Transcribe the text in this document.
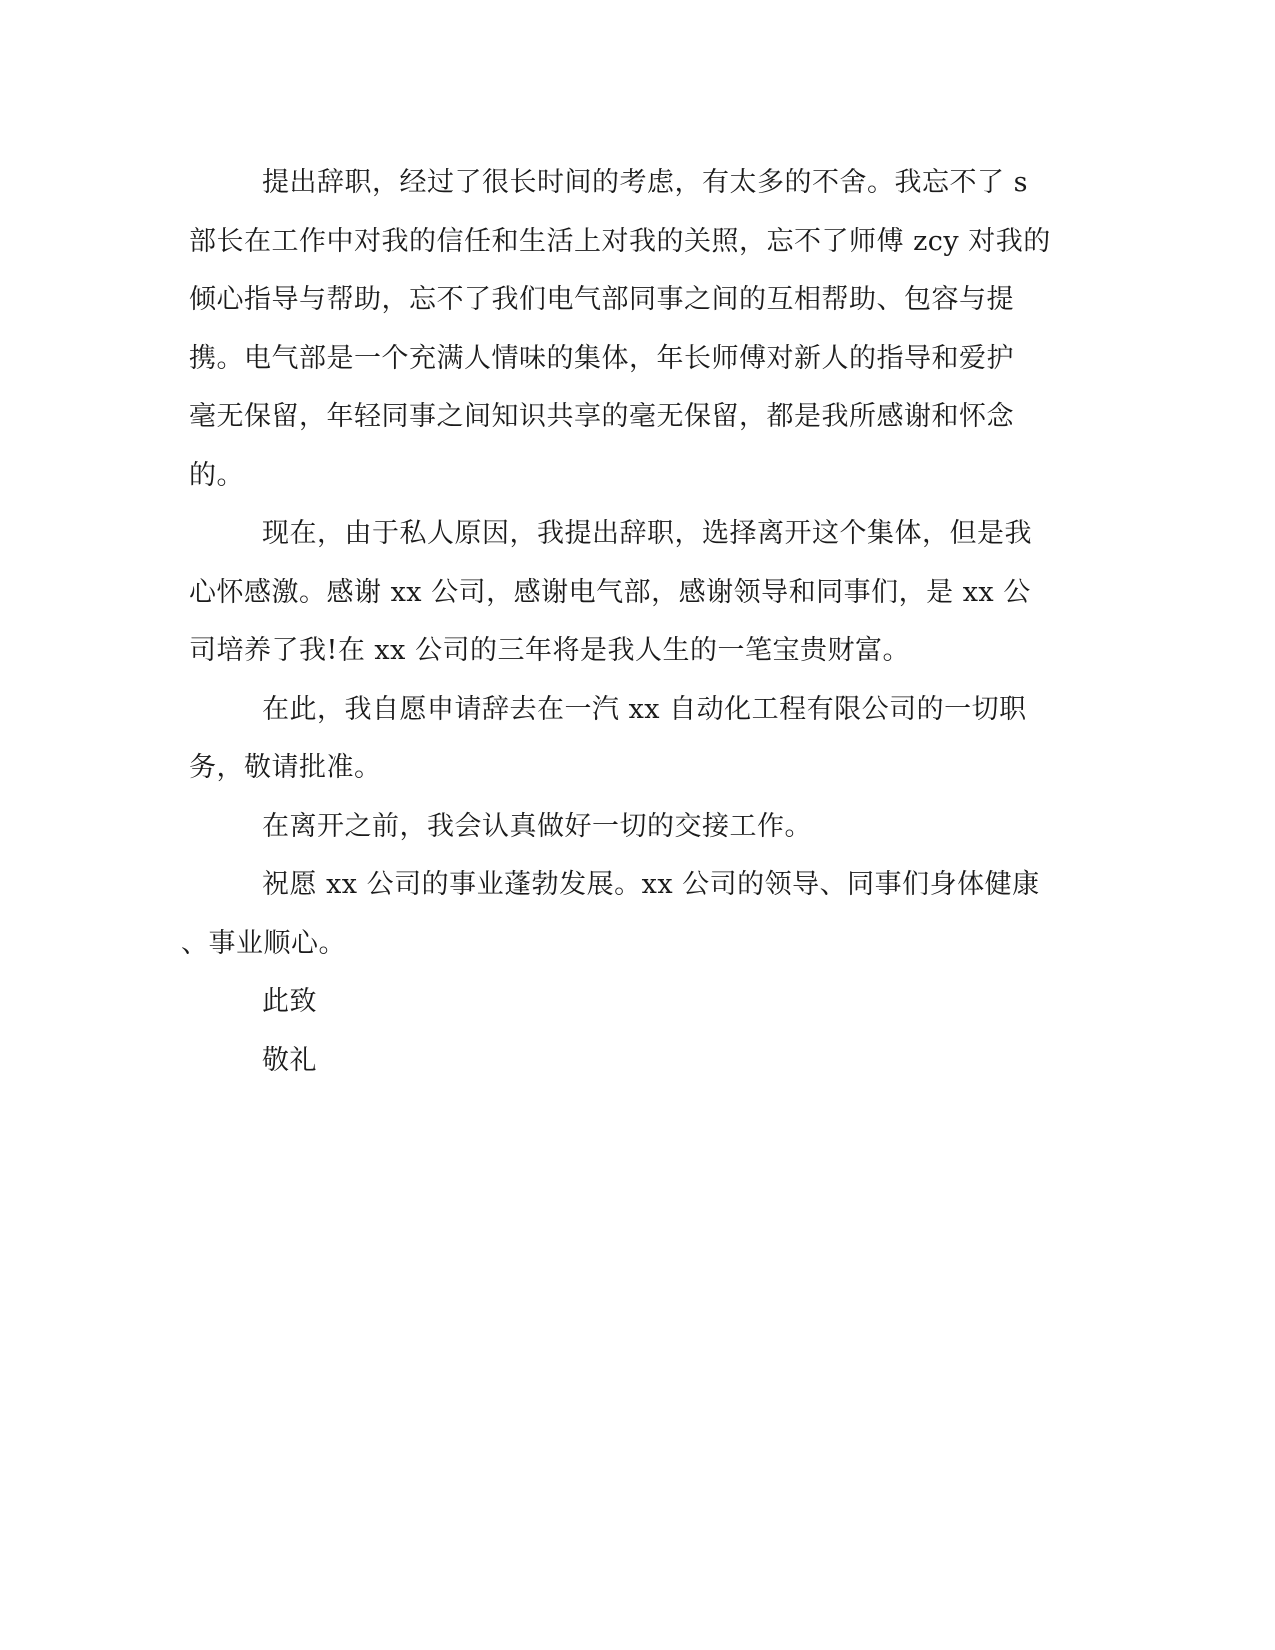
提出辞职，经过了很长时间的考虑，有太多的不舍。我忘不了 s
部长在工作中对我的信任和生活上对我的关照，忘不了师傅 zcy 对我的
倾心指导与帮助，忘不了我们电气部同事之间的互相帮助、包容与提
携。电气部是一个充满人情味的集体，年长师傅对新人的指导和爱护
毫无保留，年轻同事之间知识共享的毫无保留，都是我所感谢和怀念
的。
现在，由于私人原因，我提出辞职，选择离开这个集体，但是我
心怀感激。感谢 xx 公司，感谢电气部，感谢领导和同事们，是 xx 公
司培养了我!在 xx 公司的三年将是我人生的一笔宝贵财富。
在此，我自愿申请辞去在一汽 xx 自动化工程有限公司的一切职
务，敬请批准。
在离开之前，我会认真做好一切的交接工作。
祝愿 xx 公司的事业蓬勃发展。xx 公司的领导、同事们身体健康
、事业顺心。
此致
敬礼
